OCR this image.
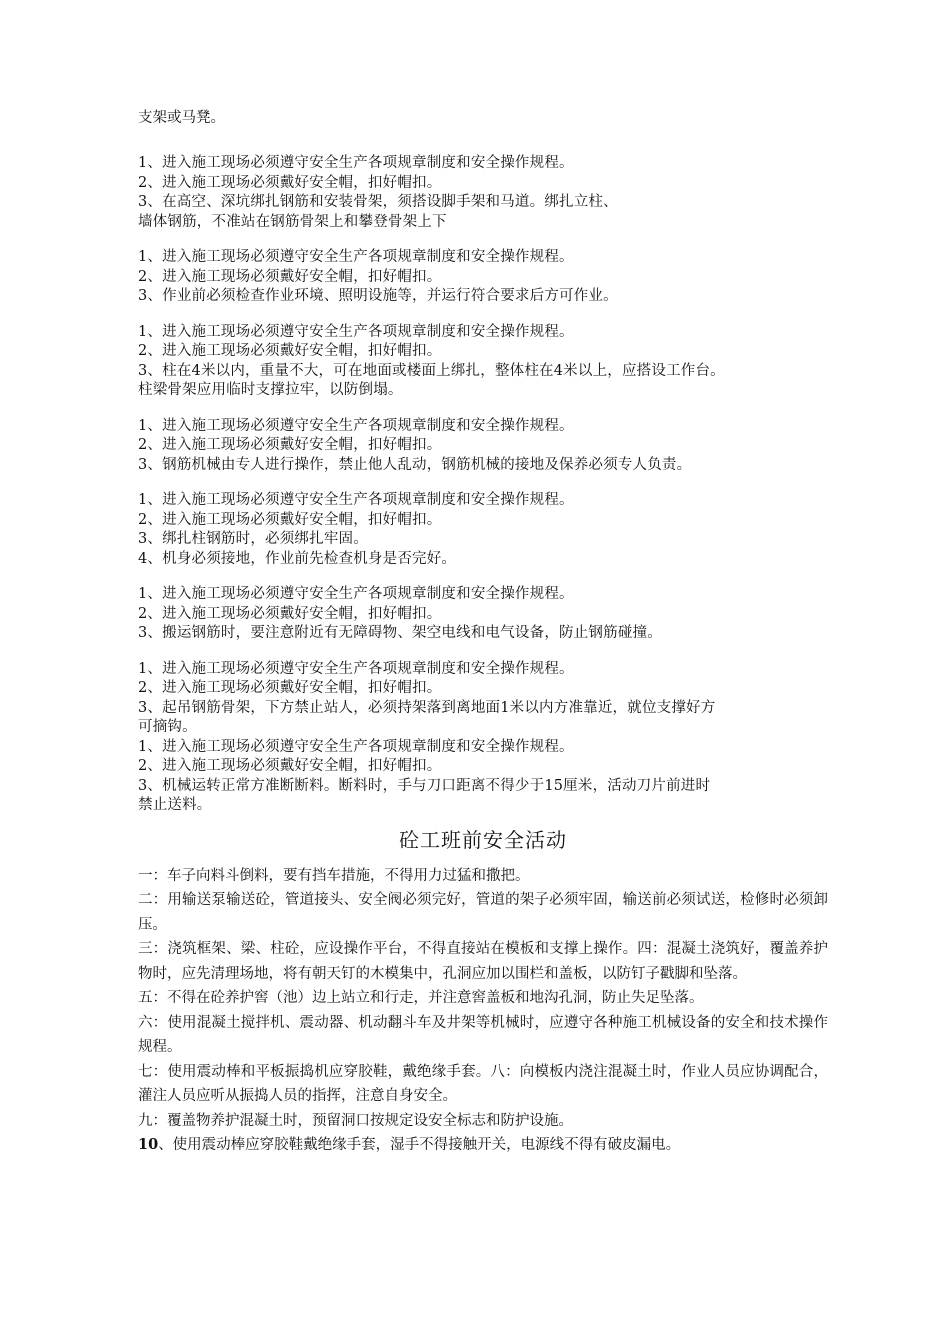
支架或马凳。
1、进入施工现场必须遵守安全生产各项规章制度和安全操作规程。
2、进入施工现场必须戴好安全帽，扣好帽扣。
3、在高空、深坑绑扎钢筋和安装骨架，须搭设脚手架和马道。绑扎立柱、
墙体钢筋，不准站在钢筋骨架上和攀登骨架上下
1、进入施工现场必须遵守安全生产各项规章制度和安全操作规程。
2、进入施工现场必须戴好安全帽，扣好帽扣。
3、作业前必须检查作业环境、照明设施等，并运行符合要求后方可作业。
1、进入施工现场必须遵守安全生产各项规章制度和安全操作规程。
2、进入施工现场必须戴好安全帽，扣好帽扣。
3、柱在4米以内，重量不大，可在地面或楼面上绑扎，整体柱在4米以上，应搭设工作台。
柱梁骨架应用临时支撑拉牢，以防倒塌。
1、进入施工现场必须遵守安全生产各项规章制度和安全操作规程。
2、进入施工现场必须戴好安全帽，扣好帽扣。
3、钢筋机械由专人进行操作，禁止他人乱动，钢筋机械的接地及保养必须专人负责。
1、进入施工现场必须遵守安全生产各项规章制度和安全操作规程。
2、进入施工现场必须戴好安全帽，扣好帽扣。
3、绑扎柱钢筋时，必须绑扎牢固。
4、机身必须接地，作业前先检查机身是否完好。
1、进入施工现场必须遵守安全生产各项规章制度和安全操作规程。
2、进入施工现场必须戴好安全帽，扣好帽扣。
3、搬运钢筋时，要注意附近有无障碍物、架空电线和电气设备，防止钢筋碰撞。
1、进入施工现场必须遵守安全生产各项规章制度和安全操作规程。
2、进入施工现场必须戴好安全帽，扣好帽扣。
3、起吊钢筋骨架，下方禁止站人，必须持架落到离地面1米以内方准靠近，就位支撑好方
可摘钩。
1、进入施工现场必须遵守安全生产各项规章制度和安全操作规程。
2、进入施工现场必须戴好安全帽，扣好帽扣。
3、机械运转正常方准断断料。断料时，手与刀口距离不得少于15厘米，活动刀片前进时
禁止送料。
砼工班前安全活动

一：车子向料斗倒料，要有挡车措施，不得用力过猛和撒把。

二：用输送泵输送砼，管道接头、安全阀必须完好，管道的架子必须牢固，输送前必须试送，检修时必须卸压。

三：浇筑框架、梁、柱砼，应设操作平台，不得直接站在模板和支撑上操作。四：混凝土浇筑好，覆盖养护物时，应先清理场地，将有朝天钉的木模集中，孔洞应加以围栏和盖板，以防钉子戳脚和坠落。

五：不得在砼养护窖（池）边上站立和行走，并注意窖盖板和地沟孔洞，防止失足坠落。

六：使用混凝土搅拌机、震动器、机动翻斗车及井架等机械时，应遵守各种施工机械设备的安全和技术操作规程。

七：使用震动棒和平板振捣机应穿胶鞋，戴绝缘手套。八：向模板内浇注混凝土时，作业人员应协调配合，灌注人员应听从振捣人员的指挥，注意自身安全。

九：覆盖物养护混凝土时，预留洞口按规定设安全标志和防护设施。

10、使用震动棒应穿胶鞋戴绝缘手套，湿手不得接触开关，电源线不得有破皮漏电。
